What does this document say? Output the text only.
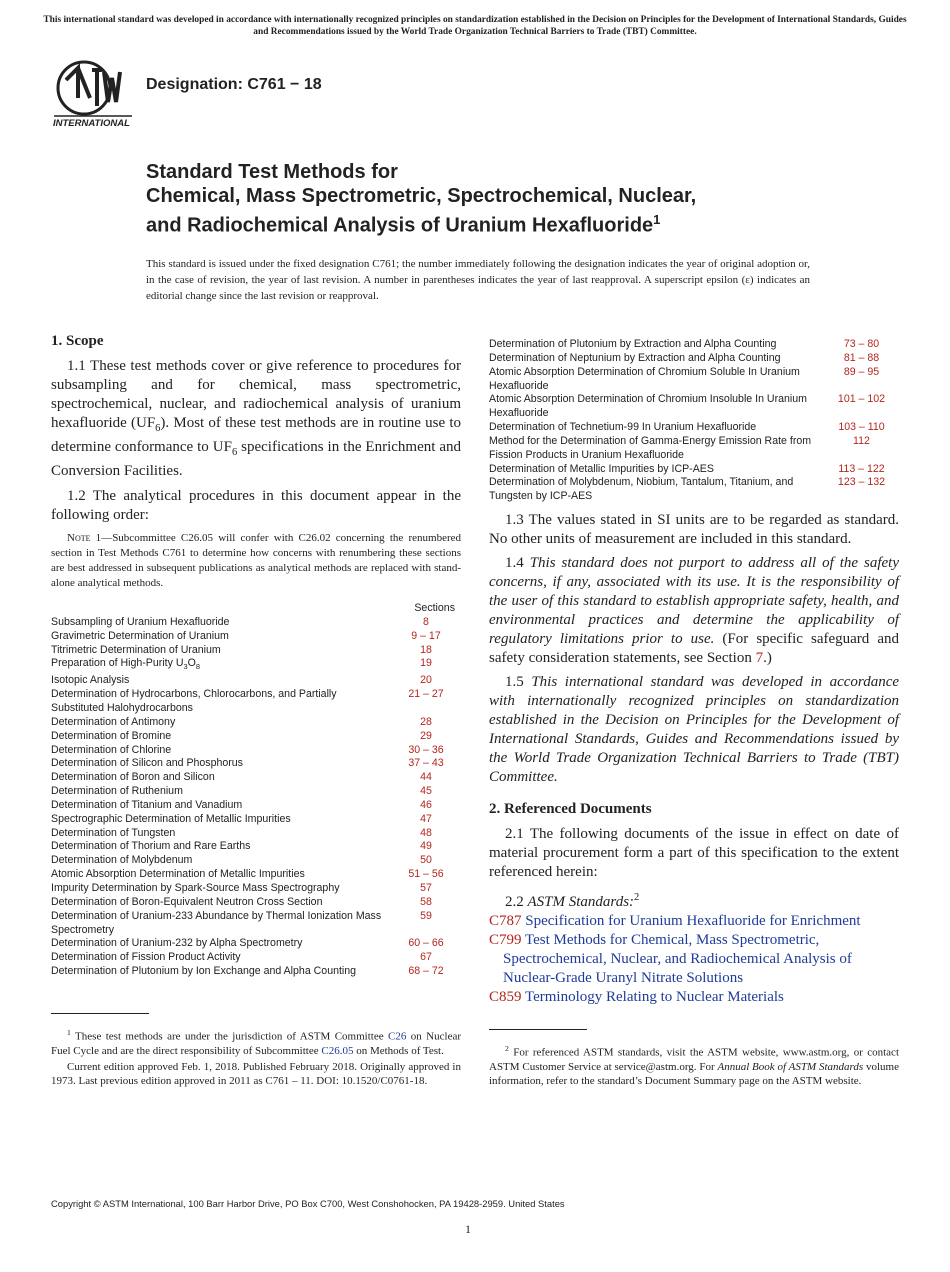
This international standard was developed in accordance with internationally recognized principles on standardization established in the Decision on Principles for the Development of International Standards, Guides and Recommendations issued by the World Trade Organization Technical Barriers to Trade (TBT) Committee.
INTERNATIONAL
Designation: C761 − 18
Standard Test Methods for
Chemical, Mass Spectrometric, Spectrochemical, Nuclear,
and Radiochemical Analysis of Uranium Hexafluoride$^1$
This standard is issued under the fixed designation C761; the number immediately following the designation indicates the year of original adoption or, in the case of revision, the year of last revision. A number in parentheses indicates the year of last reapproval. A superscript epsilon (ε) indicates an editorial change since the last revision or reapproval.
1. Scope
1.1 These test methods cover or give reference to procedures for subsampling and for chemical, mass spectrometric, spectrochemical, nuclear, and radiochemical analysis of uranium hexafluoride $(UF_6)$. Most of these test methods are in routine use to determine conformance to $UF_6$ specifications in the Enrichment and Conversion Facilities.
1.2 The analytical procedures in this document appear in the following order:
Note 1—Subcommittee C26.05 will confer with C26.02 concerning the renumbered section in Test Methods C761 to determine how concerns with renumbering these sections are best addressed in subsequent publications as analytical methods are replaced with stand-alone analytical methods.
Sections
Subsampling of Uranium Hexafluoride	8
Gravimetric Determination of Uranium	9 – 17
Titrimetric Determination of Uranium	18
Preparation of High-Purity $U_3O_8$	19
Isotopic Analysis	20
Determination of Hydrocarbons, Chlorocarbons, and Partially Substituted Halohydrocarbons
21 – 27
Determination of Antimony	28
Determination of Bromine	29
Determination of Chlorine	30 – 36
Determination of Silicon and Phosphorus	37 – 43
Determination of Boron and Silicon	44
Determination of Ruthenium	45
Determination of Titanium and Vanadium	46
Spectrographic Determination of Metallic Impurities	47
Determination of Tungsten	48
Determination of Thorium and Rare Earths	49
Determination of Molybdenum	50
Atomic Absorption Determination of Metallic Impurities	51 – 56
Impurity Determination by Spark-Source Mass Spectrography	57
Determination of Boron-Equivalent Neutron Cross Section	58
Determination of Uranium-233 Abundance by Thermal Ionization Mass Spectrometry
59
Determination of Uranium-232 by Alpha Spectrometry	60 – 66
Determination of Fission Product Activity	67
Determination of Plutonium by Ion Exchange and Alpha Counting	68 – 72
$^1$ These test methods are under the jurisdiction of ASTM Committee C26 on Nuclear Fuel Cycle and are the direct responsibility of Subcommittee C26.05 on Methods of Test.
Current edition approved Feb. 1, 2018. Published February 2018. Originally approved in 1973. Last previous edition approved in 2011 as C761 – 11. DOI: 10.1520/C0761-18.
Determination of Plutonium by Extraction and Alpha Counting	73 – 80
Determination of Neptunium by Extraction and Alpha Counting	81 – 88
Atomic Absorption Determination of Chromium Soluble In Uranium Hexafluoride
89 – 95
Atomic Absorption Determination of Chromium Insoluble In Uranium Hexafluoride
101 – 102
Determination of Technetium-99 In Uranium Hexafluoride	103 – 110
Method for the Determination of Gamma-Energy Emission Rate from Fission Products in Uranium Hexafluoride
112
Determination of Metallic Impurities by ICP-AES	113 – 122
Determination of Molybdenum, Niobium, Tantalum, Titanium, and Tungsten by ICP-AES
123 – 132
1.3 The values stated in SI units are to be regarded as standard. No other units of measurement are included in this standard.
1.4 This standard does not purport to address all of the safety concerns, if any, associated with its use. It is the responsibility of the user of this standard to establish appropriate safety, health, and environmental practices and determine the applicability of regulatory limitations prior to use. (For specific safeguard and safety consideration statements, see Section 7.)
1.5 This international standard was developed in accordance with internationally recognized principles on standardization established in the Decision on Principles for the Development of International Standards, Guides and Recommendations issued by the World Trade Organization Technical Barriers to Trade (TBT) Committee.
2. Referenced Documents
2.1 The following documents of the issue in effect on date of material procurement form a part of this specification to the extent referenced herein:
2.2 ASTM Standards:$^2$
C787 Specification for Uranium Hexafluoride for Enrichment
C799 Test Methods for Chemical, Mass Spectrometric, Spectrochemical, Nuclear, and Radiochemical Analysis of Nuclear-Grade Uranyl Nitrate Solutions
C859 Terminology Relating to Nuclear Materials
$^2$ For referenced ASTM standards, visit the ASTM website, www.astm.org, or contact ASTM Customer Service at service@astm.org. For Annual Book of ASTM Standards volume information, refer to the standard’s Document Summary page on the ASTM website.
Copyright © ASTM International, 100 Barr Harbor Drive, PO Box C700, West Conshohocken, PA 19428-2959. United States
1
